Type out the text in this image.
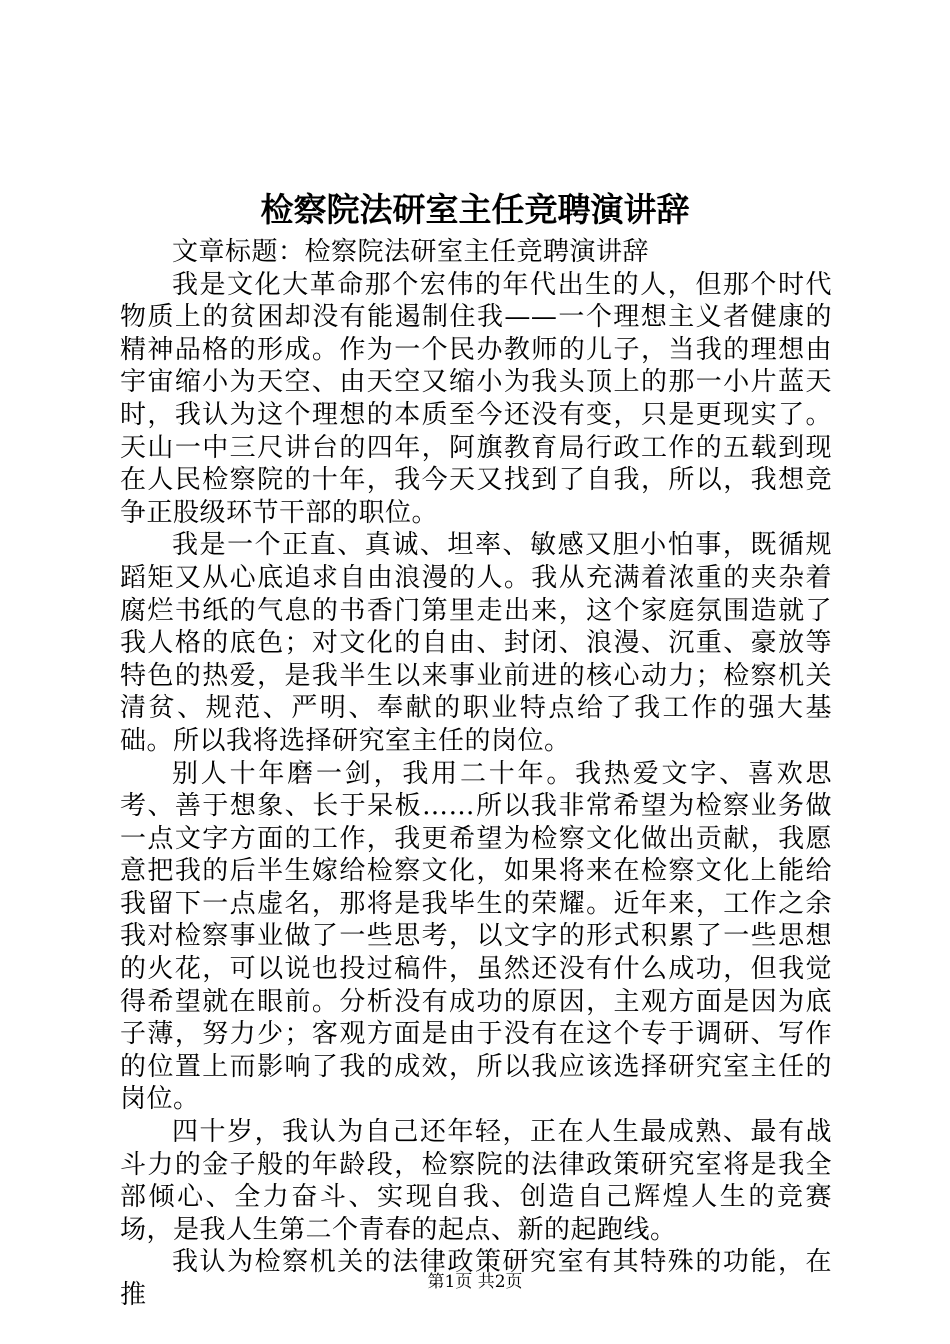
检察院法研室主任竞聘演讲辞

文章标题：检察院法研室主任竞聘演讲辞

我是文化大革命那个宏伟的年代出生的人，但那个时代物质上的贫困却没有能遏制住我——一个理想主义者健康的精神品格的形成。作为一个民办教师的儿子，当我的理想由宇宙缩小为天空、由天空又缩小为我头顶上的那一小片蓝天时，我认为这个理想的本质至今还没有变，只是更现实了。天山一中三尺讲台的四年，阿旗教育局行政工作的五载到现在人民检察院的十年，我今天又找到了自我，所以，我想竞争正股级环节干部的职位。

我是一个正直、真诚、坦率、敏感又胆小怕事，既循规蹈矩又从心底追求自由浪漫的人。我从充满着浓重的夹杂着腐烂书纸的气息的书香门第里走出来，这个家庭氛围造就了我人格的底色；对文化的自由、封闭、浪漫、沉重、豪放等特色的热爱，是我半生以来事业前进的核心动力；检察机关清贫、规范、严明、奉献的职业特点给了我工作的强大基础。所以我将选择研究室主任的岗位。

别人十年磨一剑，我用二十年。我热爱文字、喜欢思考、善于想象、长于呆板……所以我非常希望为检察业务做一点文字方面的工作，我更希望为检察文化做出贡献，我愿意把我的后半生嫁给检察文化，如果将来在检察文化上能给我留下一点虚名，那将是我毕生的荣耀。近年来，工作之余我对检察事业做了一些思考，以文字的形式积累了一些思想的火花，可以说也投过稿件，虽然还没有什么成功，但我觉得希望就在眼前。分析没有成功的原因，主观方面是因为底子薄，努力少；客观方面是由于没有在这个专于调研、写作的位置上而影响了我的成效，所以我应该选择研究室主任的岗位。

四十岁，我认为自己还年轻，正在人生最成熟、最有战斗力的金子般的年龄段，检察院的法律政策研究室将是我全部倾心、全力奋斗、实现自我、创造自己辉煌人生的竞赛场，是我人生第二个青春的起点、新的起跑线。

我认为检察机关的法律政策研究室有其特殊的功能，在推	第1页 共2页
